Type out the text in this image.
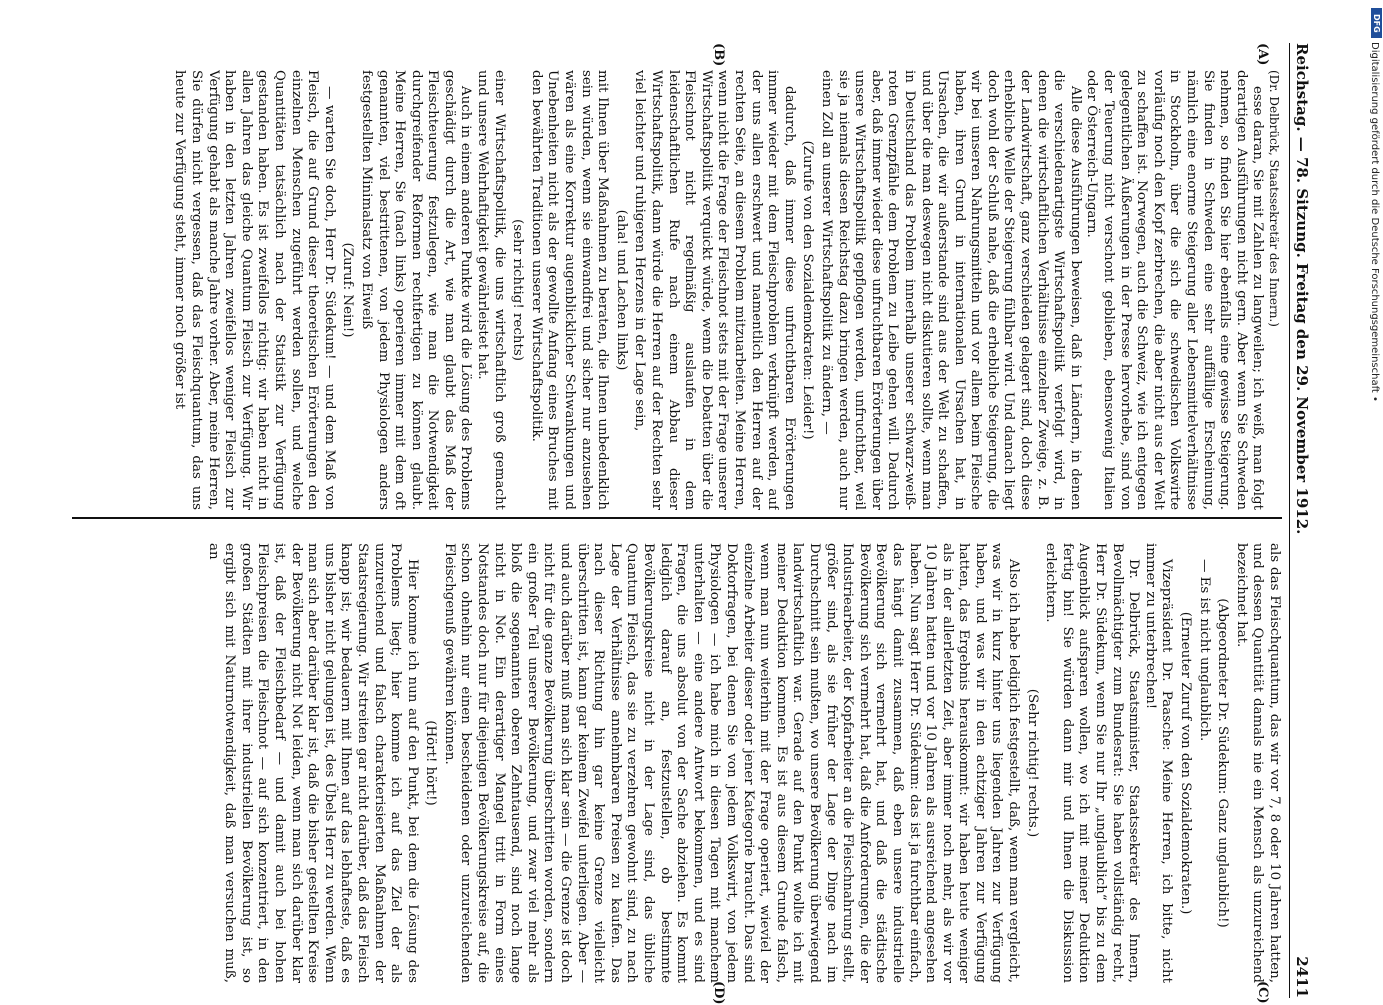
Reichstag. — 78. Sitzung. Freitag den 29. November 1912.
2411
(A)
(B)
(C)
(D)

(Dr. Delbrück, Staatssekretär des Innern.)

esse daran, Sie mit Zahlen zu langweilen; ich weiß, man folgt derartigen Ausführungen nicht gern. Aber wenn Sie Schweden nehmen, so finden Sie hier ebenfalls eine gewisse Steigerung. Sie finden in Schweden eine sehr auffällige Erscheinung, nämlich eine enorme Steigerung aller Lebensmittelverhältnisse in Stockholm, über die sich die schwedischen Volkswirte vorläufig noch den Kopf zerbrechen, die aber nicht aus der Welt zu schaffen ist. Norwegen, auch die Schweiz, wie ich entgegen gelegentlichen Äußerungen in der Presse hervorhebe, sind von der Teuerung nicht verschont geblieben, ebensowenig Italien oder Österreich-Ungarn.

Alle diese Ausführungen beweisen, daß in Ländern, in denen die verschiedenartigste Wirtschaftspolitik verfolgt wird, in denen die wirtschaftlichen Verhältnisse einzelner Zweige, z. B. der Landwirtschaft, ganz verschieden gelagert sind, doch diese erhebliche Welle der Steigerung fühlbar wird. Und danach liegt doch wohl der Schluß nahe, daß die erhebliche Steigerung, die wir bei unseren Nahrungsmitteln und vor allem beim Fleische haben, ihren Grund in internationalen Ursachen hat, in Ursachen, die wir außerstande sind aus der Welt zu schaffen, und über die man deswegen nicht diskutieren sollte, wenn man in Deutschland das Problem innerhalb unserer schwarz-weiß-roten Grenzpfähle dem Problem zu Leibe gehen will. Dadurch aber, daß immer wieder diese unfruchtbaren Erörterungen über unsere Wirtschaftspolitik gepflogen werden, unfruchtbar, weil sie ja niemals diesen Reichstag dazu bringen werden, auch nur einen Zoll an unserer Wirtschaftspolitik zu ändern, —

(Zurufe von den Sozialdemokraten: Leider!)

dadurch, daß immer diese unfruchtbaren Erörterungen immer wieder mit dem Fleischproblem verknüpft werden, auf der uns allen erschwert und namentlich den Herren auf der rechten Seite, an diesem Problem mitzuarbeiten. Meine Herren, wenn nicht die Frage der Fleischnot stets mit der Frage unserer Wirtschaftspolitik verquickt würde, wenn die Debatten über die Fleischnot nicht regelmäßig auslaufen in dem leidenschaftlichen Rufe nach einem Abbau dieser Wirtschaftspolitik, dann würde die Herren auf der Rechten sehr viel leichter und ruhigeren Herzens in der Lage sein,

(aha! und Lachen links)

mit Ihnen über Maßnahmen zu beraten, die Ihnen unbedenklich sein würden, wenn sie einwandfrei und sicher nur anzusehen wären als eine Korrektur augenblicklicher Schwankungen und Unebenheiten nicht als der gewollte Anfang eines Bruches mit den bewährten Traditionen unserer Wirtschaftspolitik.

(sehr richtig! rechts)

einer Wirtschaftspolitik, die uns wirtschaftlich groß gemacht und unsere Wehrhaftigkeit gewährleistet hat.

Auch in einem anderen Punkte wird die Lösung des Problems geschädigt durch die Art, wie man glaubt das Maß der Fleischteuerung festzulegen, wie man die Notwendigkeit durchgreifender Reformen rechtfertigen zu können glaubt. Meine Herren, Sie (nach links) operieren immer mit dem oft genannten, viel bestrittenen, von jedem Physiologen anders festgestellten Minimalsatz von Eiweiß

(Zuruf: Nein!)

— warten Sie doch, Herr Dr. Südekum! — und dem Maß von Fleisch, die auf Grund dieser theoretischen Erörterungen den einzelnen Menschen zugeführt werden sollen, und welche Quantitäten tatsächlich nach der Statistik zur Verfügung gestanden haben. Es ist zweifellos richtig: wir haben nicht in allen Jahren das gleiche Quantum Fleisch zur Verfügung. Wir haben in den letzten Jahren zweifellos weniger Fleisch zur Verfügung gehabt als manche Jahre vorher. Aber, meine Herren, Sie dürfen nicht vergessen, daß das Fleischquantum, das uns heute zur Verfügung steht, immer noch größer ist

als das Fleischquantum, das wir vor 7, 8 oder 10 Jahren hatten, und dessen Quantität damals nie ein Mensch als unzureichend bezeichnet hat.

(Abgeordneter Dr. Südekum: Ganz unglaublich!)

— Es ist nicht unglaublich.

(Erneuter Zuruf von den Sozialdemokraten.)

Vizepräsident Dr. Paasche: Meine Herren, ich bitte, nicht immer zu unterbrechen!

Dr. Delbrück, Staatsminister, Staatssekretär des Innern, Bevollmächtigter zum Bundesrat: Sie haben vollständig recht, Herr Dr. Südekum, wenn Sie nur Ihr „unglaublich“ bis zu dem Augenblick aufsparen wollen, wo ich mit meiner Deduktion fertig bin! Sie würden dann mir und Ihnen die Diskussion erleichtern.

(Sehr richtig! rechts.)

Also ich habe lediglich festgestellt, daß, wenn man vergleicht, was wir in kurz hinter uns liegenden Jahren zur Verfügung haben, und was wir in den achtziger Jahren zur Verfügung hatten, das Ergebnis herauskommt: wir haben heute weniger als in der allerletzten Zeit, aber immer noch mehr, als wir vor 10 Jahren hatten und vor 10 Jahren als ausreichend angesehen haben. Nun sagt Herr Dr. Südekum: das ist ja furchtbar einfach, das hängt damit zusammen, daß eben unsere industrielle Bevölkerung sich vermehrt hat, und daß die städtische Bevölkerung sich vermehrt hat, daß die Anforderungen, die der Industriearbeiter, der Kopfarbeiter an die Fleischnahrung stellt, größer sind, als sie früher der Lage der Dinge nach im Durchschnitt sein mußten, wo unsere Bevölkerung überwiegend landwirtschaftlich war. Gerade auf den Punkt wollte ich mit meiner Deduktion kommen. Es ist aus diesem Grunde falsch, wenn man nun weiterhin mit der Frage operiert, wieviel der einzelne Arbeiter dieser oder jener Kategorie braucht. Das sind Doktorfragen, bei denen Sie von jedem Volkswirt, von jedem Physiologen — ich habe mich in diesen Tagen mit manchem unterhalten — eine andere Antwort bekommen, und es sind Fragen, die uns absolut von der Sache abziehen. Es kommt lediglich darauf an, festzustellen, ob bestimmte Bevölkerungskreise nicht in der Lage sind, das übliche Quantum Fleisch, das sie zu verzehren gewohnt sind, zu nach Lage der Verhältnisse annehmbaren Preisen zu kaufen. Das nach dieser Richtung hin gar keine Grenze vielleicht überschritten ist, kann gar keinem Zweifel unterliegen. Aber — und auch darüber muß man sich klar sein — die Grenze ist doch nicht für die ganze Bevölkerung überschritten worden, sondern ein großer Teil unserer Bevölkerung, und zwar viel mehr als bloß die sogenannten oberen Zehntausend, sind noch lange nicht in Not. Ein derartiger Mangel tritt in Form eines Notstandes doch nur für diejenigen Bevölkerungskreise auf, die schon ohnehin nur einen bescheidenen oder unzureichenden Fleischgenuß gewähren können.

(Hört! hört!)

Hier komme ich nun auf den Punkt, bei dem die Lösung des Problems liegt; hier komme ich auf das Ziel der als unzureichend und falsch charakterisierten Maßnahmen der Staatsregierung. Wir streiten gar nicht darüber, daß das Fleisch knapp ist; wir bedauern mit Ihnen auf das lebhafteste, daß es uns bisher nicht gelungen ist, des Übels Herr zu werden. Wenn man sich aber darüber klar ist, daß die bisher gestellten Kreise der Bevölkerung nicht Not leiden, wenn man sich darüber klar ist, daß der Fleischbedarf — und damit auch bei hohen Fleischpreisen die Fleischnot — auf sich konzentriert, in den großen Städten mit ihrer industriellen Bevölkerung ist, so ergibt sich mit Naturnotwendigkeit, daß man versuchen muß, an

DFG
Digitalisierung gefördert durch die Deutsche Forschungsgemeinschaft •
